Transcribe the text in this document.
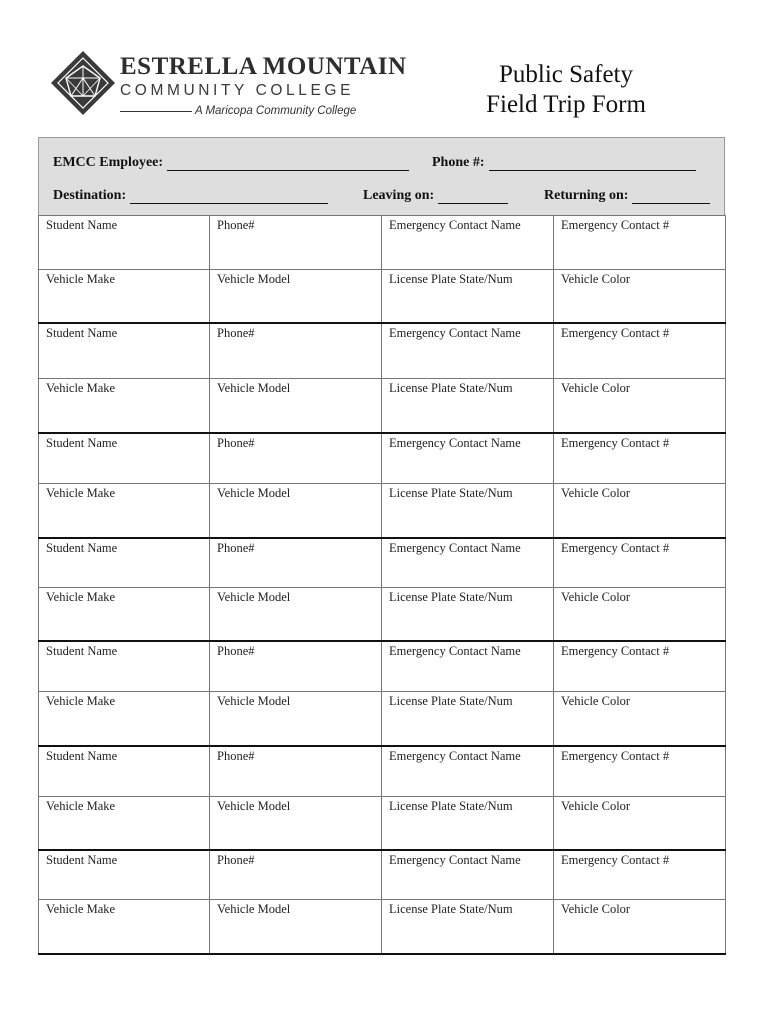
ESTRELLA MOUNTAIN
COMMUNITY COLLEGE
A Maricopa Community College
Public Safety
Field Trip Form
EMCC Employee:	Phone #:
Destination:	Leaving on:	Returning on:
Student Name	Phone#	Emergency Contact Name	Emergency Contact #

Vehicle Make	Vehicle Model	License Plate State/Num	Vehicle Color

Student Name	Phone#	Emergency Contact Name	Emergency Contact #

Vehicle Make	Vehicle Model	License Plate State/Num	Vehicle Color

Student Name	Phone#	Emergency Contact Name	Emergency Contact #

Vehicle Make	Vehicle Model	License Plate State/Num	Vehicle Color

Student Name	Phone#	Emergency Contact Name	Emergency Contact #

Vehicle Make	Vehicle Model	License Plate State/Num	Vehicle Color

Student Name	Phone#	Emergency Contact Name	Emergency Contact #

Vehicle Make	Vehicle Model	License Plate State/Num	Vehicle Color

Student Name	Phone#	Emergency Contact Name	Emergency Contact #

Vehicle Make	Vehicle Model	License Plate State/Num	Vehicle Color

Student Name	Phone#	Emergency Contact Name	Emergency Contact #

Vehicle Make	Vehicle Model	License Plate State/Num	Vehicle Color
